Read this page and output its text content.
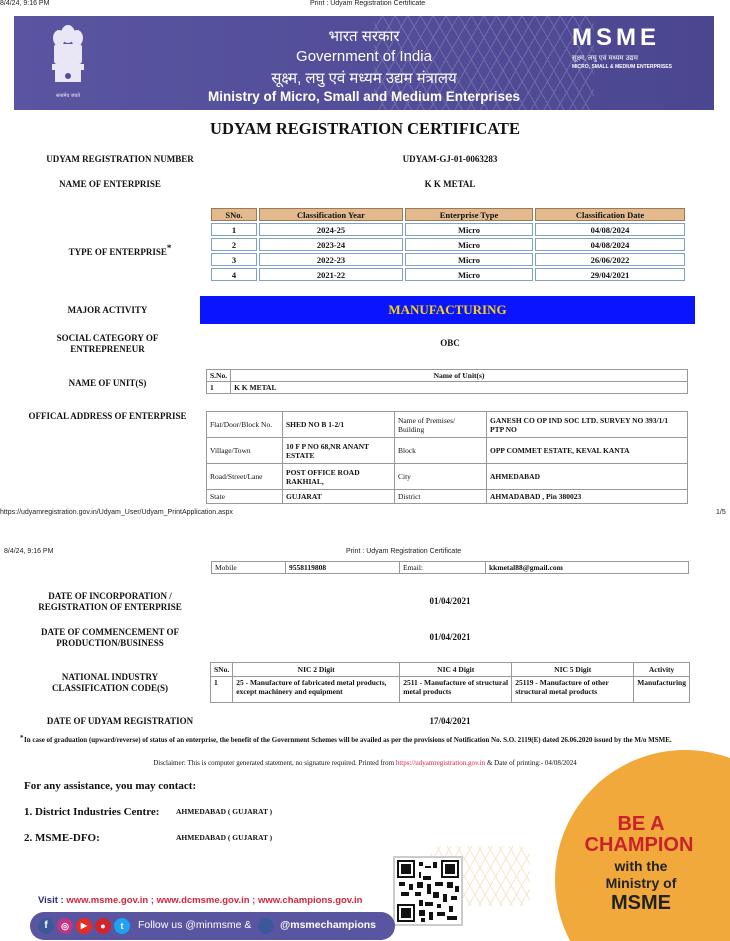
8/4/24, 9:16 PM	Print : Udyam Registration Certificate
सत्यमेव जयते
भारत सरकार
Government of India
सूक्ष्म, लघु एवं मध्यम उद्यम मंत्रालय
Ministry of Micro, Small and Medium Enterprises
MSME
सूक्ष्म, लघु एवं मध्यम उद्यम
MICRO, SMALL & MEDIUM ENTERPRISES
UDYAM REGISTRATION CERTIFICATE
UDYAM REGISTRATION NUMBER	UDYAM-GJ-01-0063283
NAME OF ENTERPRISE	K K METAL
TYPE OF ENTERPRISE*
SNo.	Classification Year	Enterprise Type	Classification Date
1	2024-25	Micro	04/08/2024
2	2023-24	Micro	04/08/2024
3	2022-23	Micro	26/06/2022
4	2021-22	Micro	29/04/2021
MAJOR ACTIVITY	MANUFACTURING
SOCIAL CATEGORY OF
ENTREPRENEUR
OBC
NAME OF UNIT(S)
S.No.	Name of Unit(s)
1	K K METAL
OFFICAL ADDRESS OF ENTERPRISE
Flat/Door/Block No.	SHED NO B 1-2/1	Name of Premises/ Building	GANESH CO OP IND SOC LTD. SURVEY NO 393/1/1 PTP NO
Village/Town	10 F P NO 68,NR ANANT ESTATE	Block	OPP COMMET ESTATE, KEVAL KANTA
Road/Street/Lane	POST OFFICE ROAD RAKHIAL,	City	AHMEDABAD
State	GUJARAT	District	AHMADABAD , Pin 380023
https://udyamregistration.gov.in/Udyam_User/Udyam_PrintApplication.aspx	1/5
8/4/24, 9:16 PM	Print : Udyam Registration Certificate
Mobile	9558119808	Email:	kkmetal88@gmail.com
DATE OF INCORPORATION /
REGISTRATION OF ENTERPRISE
01/04/2021
DATE OF COMMENCEMENT OF
PRODUCTION/BUSINESS
01/04/2021
NATIONAL INDUSTRY
CLASSIFICATION CODE(S)
SNo.	NIC 2 Digit	NIC 4 Digit	NIC 5 Digit	Activity
1	25 - Manufacture of fabricated metal products, except machinery and equipment	2511 - Manufacture of structural metal products	25119 - Manufacture of other structural metal products	Manufacturing
DATE OF UDYAM REGISTRATION	17/04/2021
* In case of graduation (upward/reverse) of status of an enterprise, the benefit of the Government Schemes will be availed as per the provisions of Notification No. S.O. 2119(E) dated 26.06.2020 issued by the M/o MSME.
Disclaimer: This is computer generated statement, no signature required. Printed from https://udyamregistration.gov.in & Date of printing:- 04/08/2024
For any assistance, you may contact:
1. District Industries Centre: AHMEDABAD ( GUJARAT )
2. MSME-DFO:	AHMEDABAD ( GUJARAT )
BE A
CHAMPION
with the
Ministry of
MSME
Visit : www.msme.gov.in ; www.dcmsme.gov.in ; www.champions.gov.in
f	◎	▶	●	t	Follow us @minmsme &	@msmechampions
